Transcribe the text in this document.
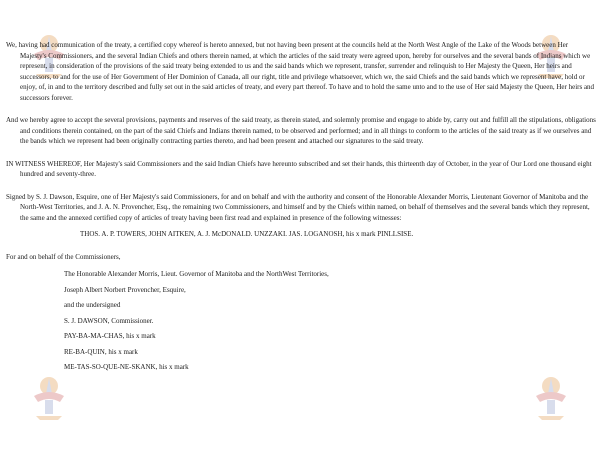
We, having had communication of the treaty, a certified copy whereof is hereto annexed, but not having been present at the councils held at the North West Angle of the Lake of the Woods between Her Majesty's Commissioners, and the several Indian Chiefs and others therein named, at which the articles of the said treaty were agreed upon, hereby for ourselves and the several bands of Indians which we represent, in consideration of the provisions of the said treaty being extended to us and the said bands which we represent, transfer, surrender and relinquish to Her Majesty the Queen, Her heirs and successors, to and for the use of Her Government of Her Dominion of Canada, all our right, title and privilege whatsoever, which we, the said Chiefs and the said bands which we represent have, hold or enjoy, of, in and to the territory described and fully set out in the said articles of treaty, and every part thereof. To have and to hold the same unto and to the use of Her said Majesty the Queen, Her heirs and successors forever.

And we hereby agree to accept the several provisions, payments and reserves of the said treaty, as therein stated, and solemnly promise and engage to abide by, carry out and fulfill all the stipulations, obligations and conditions therein contained, on the part of the said Chiefs and Indians therein named, to be observed and performed; and in all things to conform to the articles of the said treaty as if we ourselves and the bands which we represent had been originally contracting parties thereto, and had been present and attached our signatures to the said treaty.

IN WITNESS WHEREOF, Her Majesty's said Commissioners and the said Indian Chiefs have hereunto subscribed and set their hands, this thirteenth day of October, in the year of Our Lord one thousand eight hundred and seventy-three.

Signed by S. J. Dawson, Esquire, one of Her Majesty's said Commissioners, for and on behalf and with the authority and consent of the Honorable Alexander Morris, Lieutenant Governor of Manitoba and the North-West Territories, and J. A. N. Provencher, Esq., the remaining two Commissioners, and himself and by the Chiefs within named, on behalf of themselves and the several bands which they represent, the same and the annexed certified copy of articles of treaty having been first read and explained in presence of the following witnesses:

THOS. A. P. TOWERS, JOHN AITKEN, A. J. McDONALD. UNZZAKI. JAS. LOGANOSH, his x mark PINLLSISE.
For and on behalf of the Commissioners,
The Honorable Alexander Morris, Lieut. Governor of Manitoba and the NorthWest Territories,
Joseph Albert Norbert Provencher, Esquire,
and the undersigned
S. J. DAWSON, Commissioner.
PAY-BA-MA-CHAS, his x mark
RE-BA-QUIN, his x mark
ME-TAS-SO-QUE-NE-SKANK, his x mark
